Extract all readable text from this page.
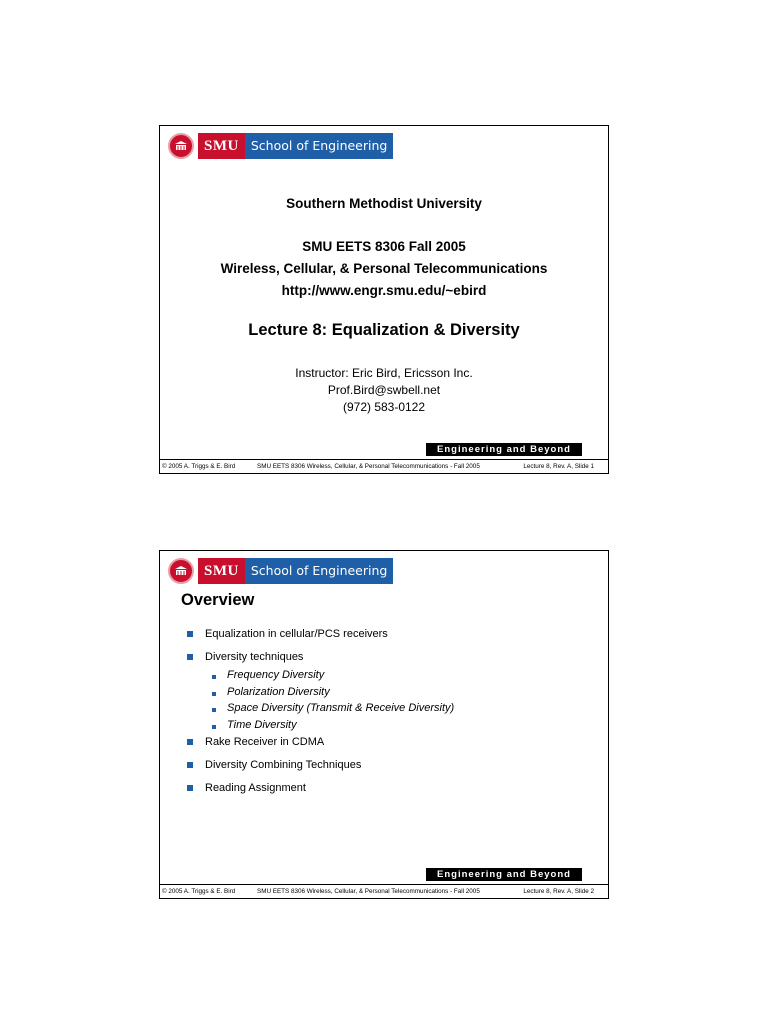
SMU School of Engineering
Southern Methodist University
SMU EETS 8306 Fall 2005
Wireless, Cellular, & Personal Telecommunications
http://www.engr.smu.edu/~ebird
Lecture 8: Equalization & Diversity
Instructor: Eric Bird, Ericsson Inc.
Prof.Bird@swbell.net
(972) 583-0122
Engineering and Beyond
© 2005 A. Triggs & E. Bird	SMU EETS 8306 Wireless, Cellular, & Personal Telecommunications - Fall 2005	Lecture 8, Rev. A, Slide 1
SMU School of Engineering
Overview
Equalization in cellular/PCS receivers
Diversity techniques
Frequency Diversity
Polarization Diversity
Space Diversity (Transmit & Receive Diversity)
Time Diversity
Rake Receiver in CDMA
Diversity Combining Techniques
Reading Assignment
Engineering and Beyond
© 2005 A. Triggs & E. Bird	SMU EETS 8306 Wireless, Cellular, & Personal Telecommunications - Fall 2005	Lecture 8, Rev. A, Slide 2
